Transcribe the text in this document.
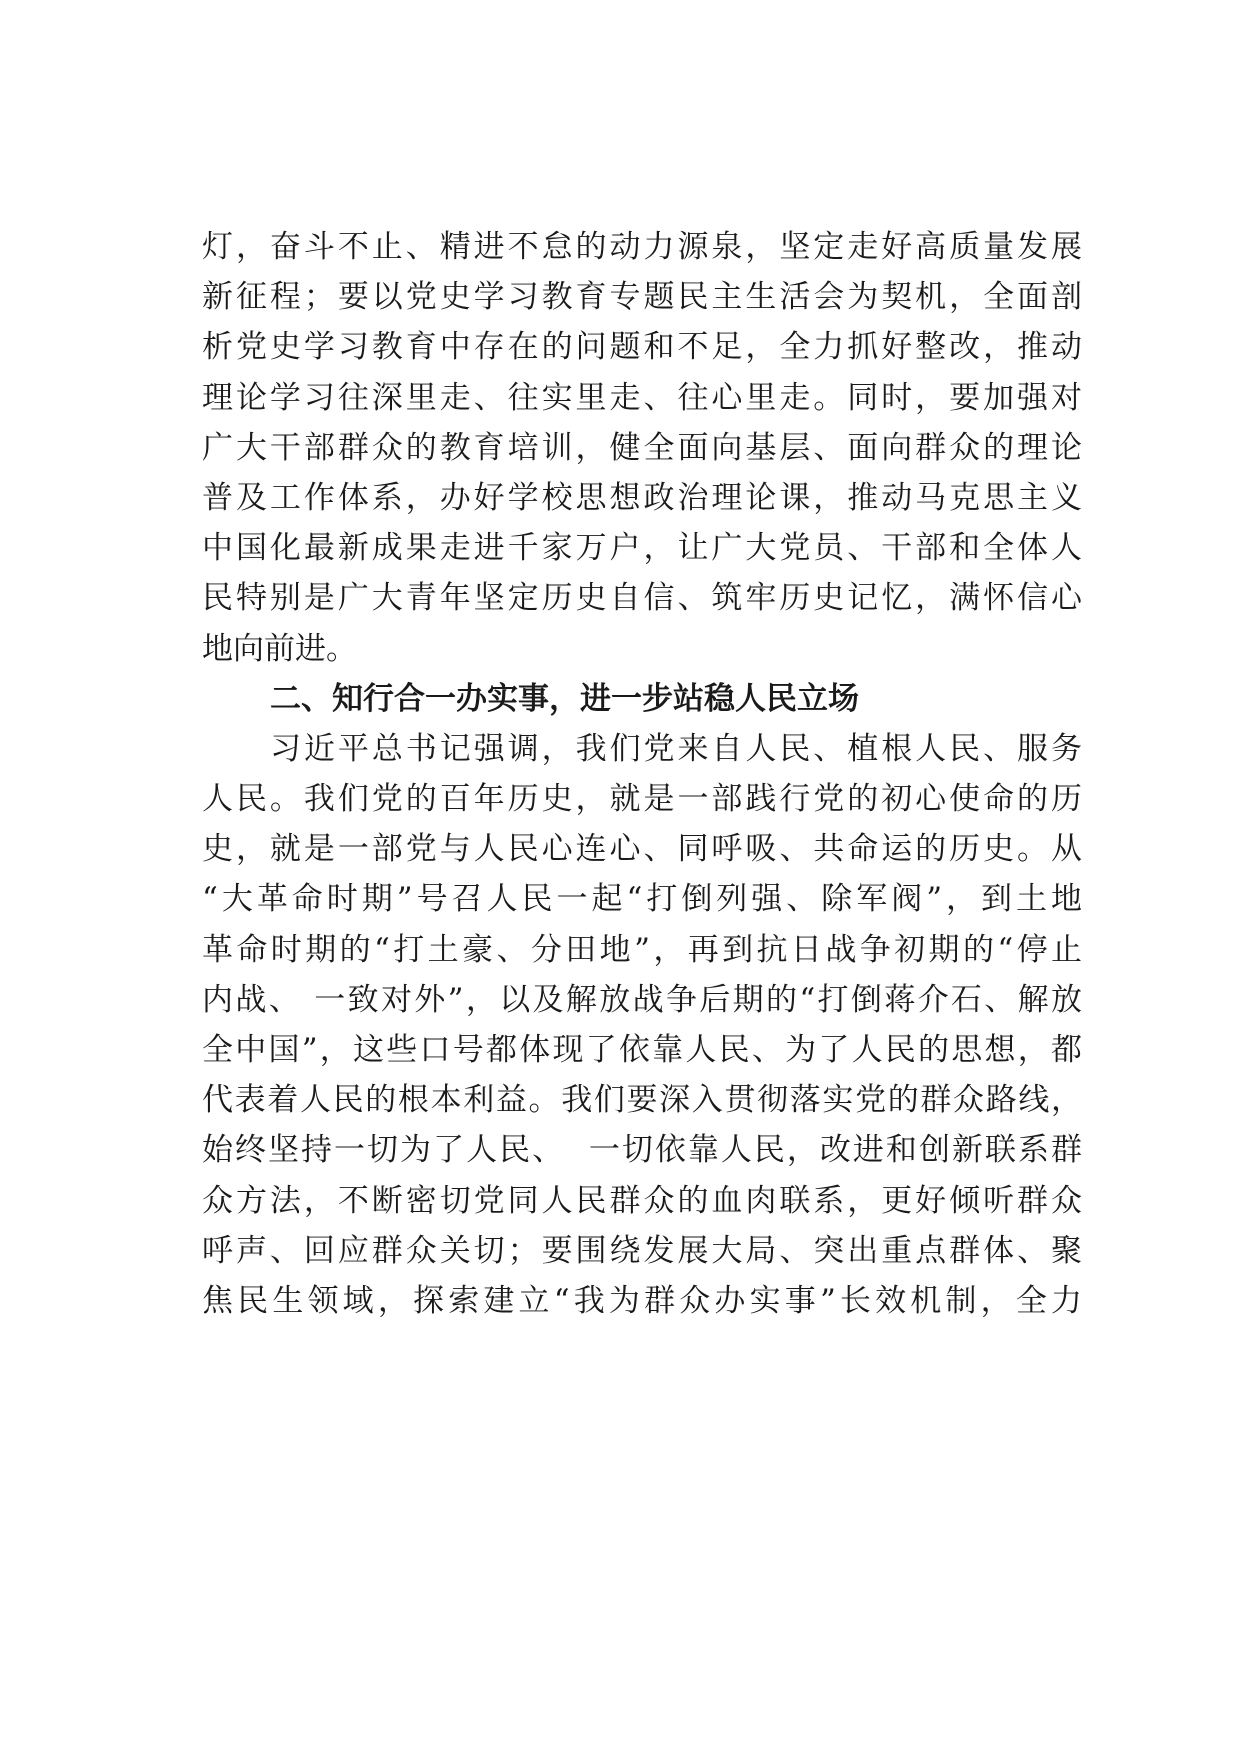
灯，奋斗不止、精进不怠的动力源泉，坚定走好高质量发展
新征程；要以党史学习教育专题民主生活会为契机，全面剖
析党史学习教育中存在的问题和不足，全力抓好整改，推动
理论学习往深里走、往实里走、往心里走。同时，要加强对
广大干部群众的教育培训，健全面向基层、面向群众的理论
普及工作体系，办好学校思想政治理论课，推动马克思主义
中国化最新成果走进千家万户，让广大党员、干部和全体人
民特别是广大青年坚定历史自信、筑牢历史记忆，满怀信心
地向前进。
二、知行合一办实事，进一步站稳人民立场
习近平总书记强调，我们党来自人民、植根人民、服务
人民。我们党的百年历史，就是一部践行党的初心使命的历
史，就是一部党与人民心连心、同呼吸、共命运的历史。从
“大革命时期”号召人民一起“打倒列强、除军阀”，到土地
革命时期的“打土豪、分田地”，再到抗日战争初期的“停止
内战、 一致对外”，以及解放战争后期的“打倒蒋介石、解放
全中国”，这些口号都体现了依靠人民、为了人民的思想，都
代表着人民的根本利益。我们要深入贯彻落实党的群众路线，
始终坚持一切为了人民、  一切依靠人民，改进和创新联系群
众方法，不断密切党同人民群众的血肉联系，更好倾听群众
呼声、回应群众关切；要围绕发展大局、突出重点群体、聚
焦民生领域，探索建立“我为群众办实事”长效机制，全力
